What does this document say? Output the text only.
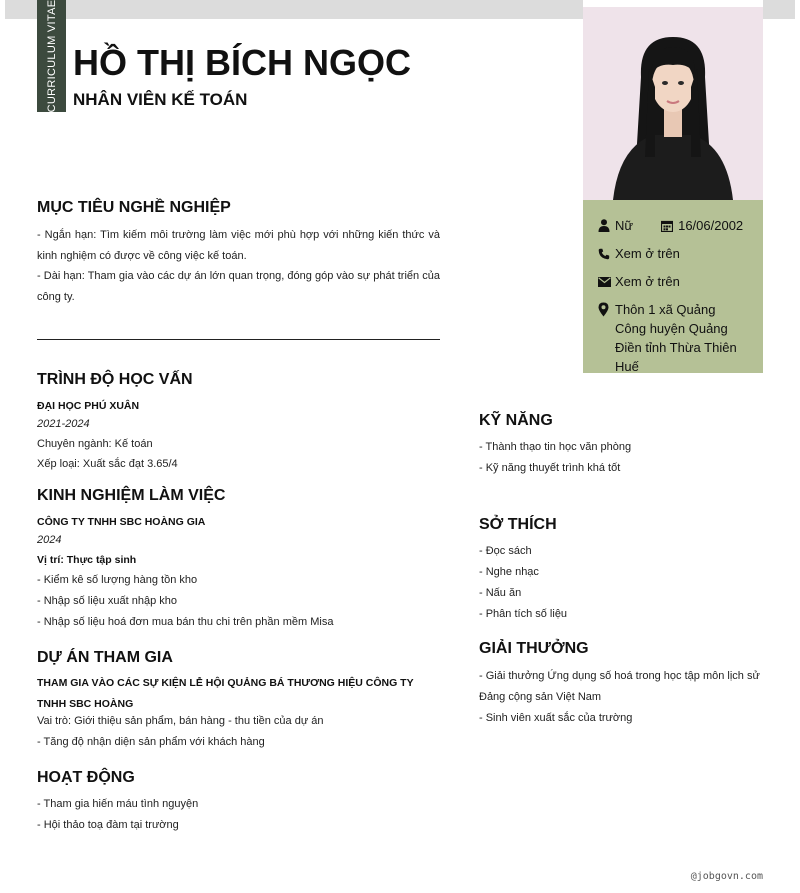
CURRICULUM VITAE HỒ THỊ BÍCH NGỌC
NHÂN VIÊN KẾ TOÁN
Nữ	16/06/2002
Xem ở trên
Xem ở trên
Thôn 1 xã Quảng Công huyện Quảng Điền tỉnh Thừa Thiên Huế
MỤC TIÊU NGHỀ NGHIỆP
- Ngắn hạn: Tìm kiếm môi trường làm việc mới phù hợp với những kiến thức và kinh nghiệm có được về công việc kế toán.
- Dài hạn: Tham gia vào các dự án lớn quan trọng, đóng góp vào sự phát triển của công ty.
TRÌNH ĐỘ HỌC VẤN
ĐẠI HỌC PHÚ XUÂN
2021-2024
Chuyên ngành: Kế toán
Xếp loại: Xuất sắc đạt 3.65/4
KINH NGHIỆM LÀM VIỆC
CÔNG TY TNHH SBC HOÀNG GIA
2024
Vị trí: Thực tập sinh
- Kiểm kê số lượng hàng tồn kho
- Nhập số liệu xuất nhập kho
- Nhập số liệu hoá đơn mua bán thu chi trên phần mềm Misa
DỰ ÁN THAM GIA
THAM GIA VÀO CÁC SỰ KIỆN LỄ HỘI QUẢNG BÁ THƯƠNG HIỆU CÔNG TY TNHH SBC HOÀNG
Vai trò: Giới thiệu sản phẩm, bán hàng - thu tiền của dự án
- Tăng độ nhận diện sản phẩm với khách hàng
HOẠT ĐỘNG
- Tham gia hiến máu tình nguyện
- Hội thảo toạ đàm tại trường
KỸ NĂNG
- Thành thạo tin học văn phòng
- Kỹ năng thuyết trình khá tốt
SỞ THÍCH
- Đọc sách
- Nghe nhạc
- Nấu ăn
- Phân tích số liệu
GIẢI THƯỞNG
- Giải thưởng Ứng dụng số hoá trong học tập môn lịch sử Đảng cộng sản Việt Nam
- Sinh viên xuất sắc của trường
@jobgovn.com
